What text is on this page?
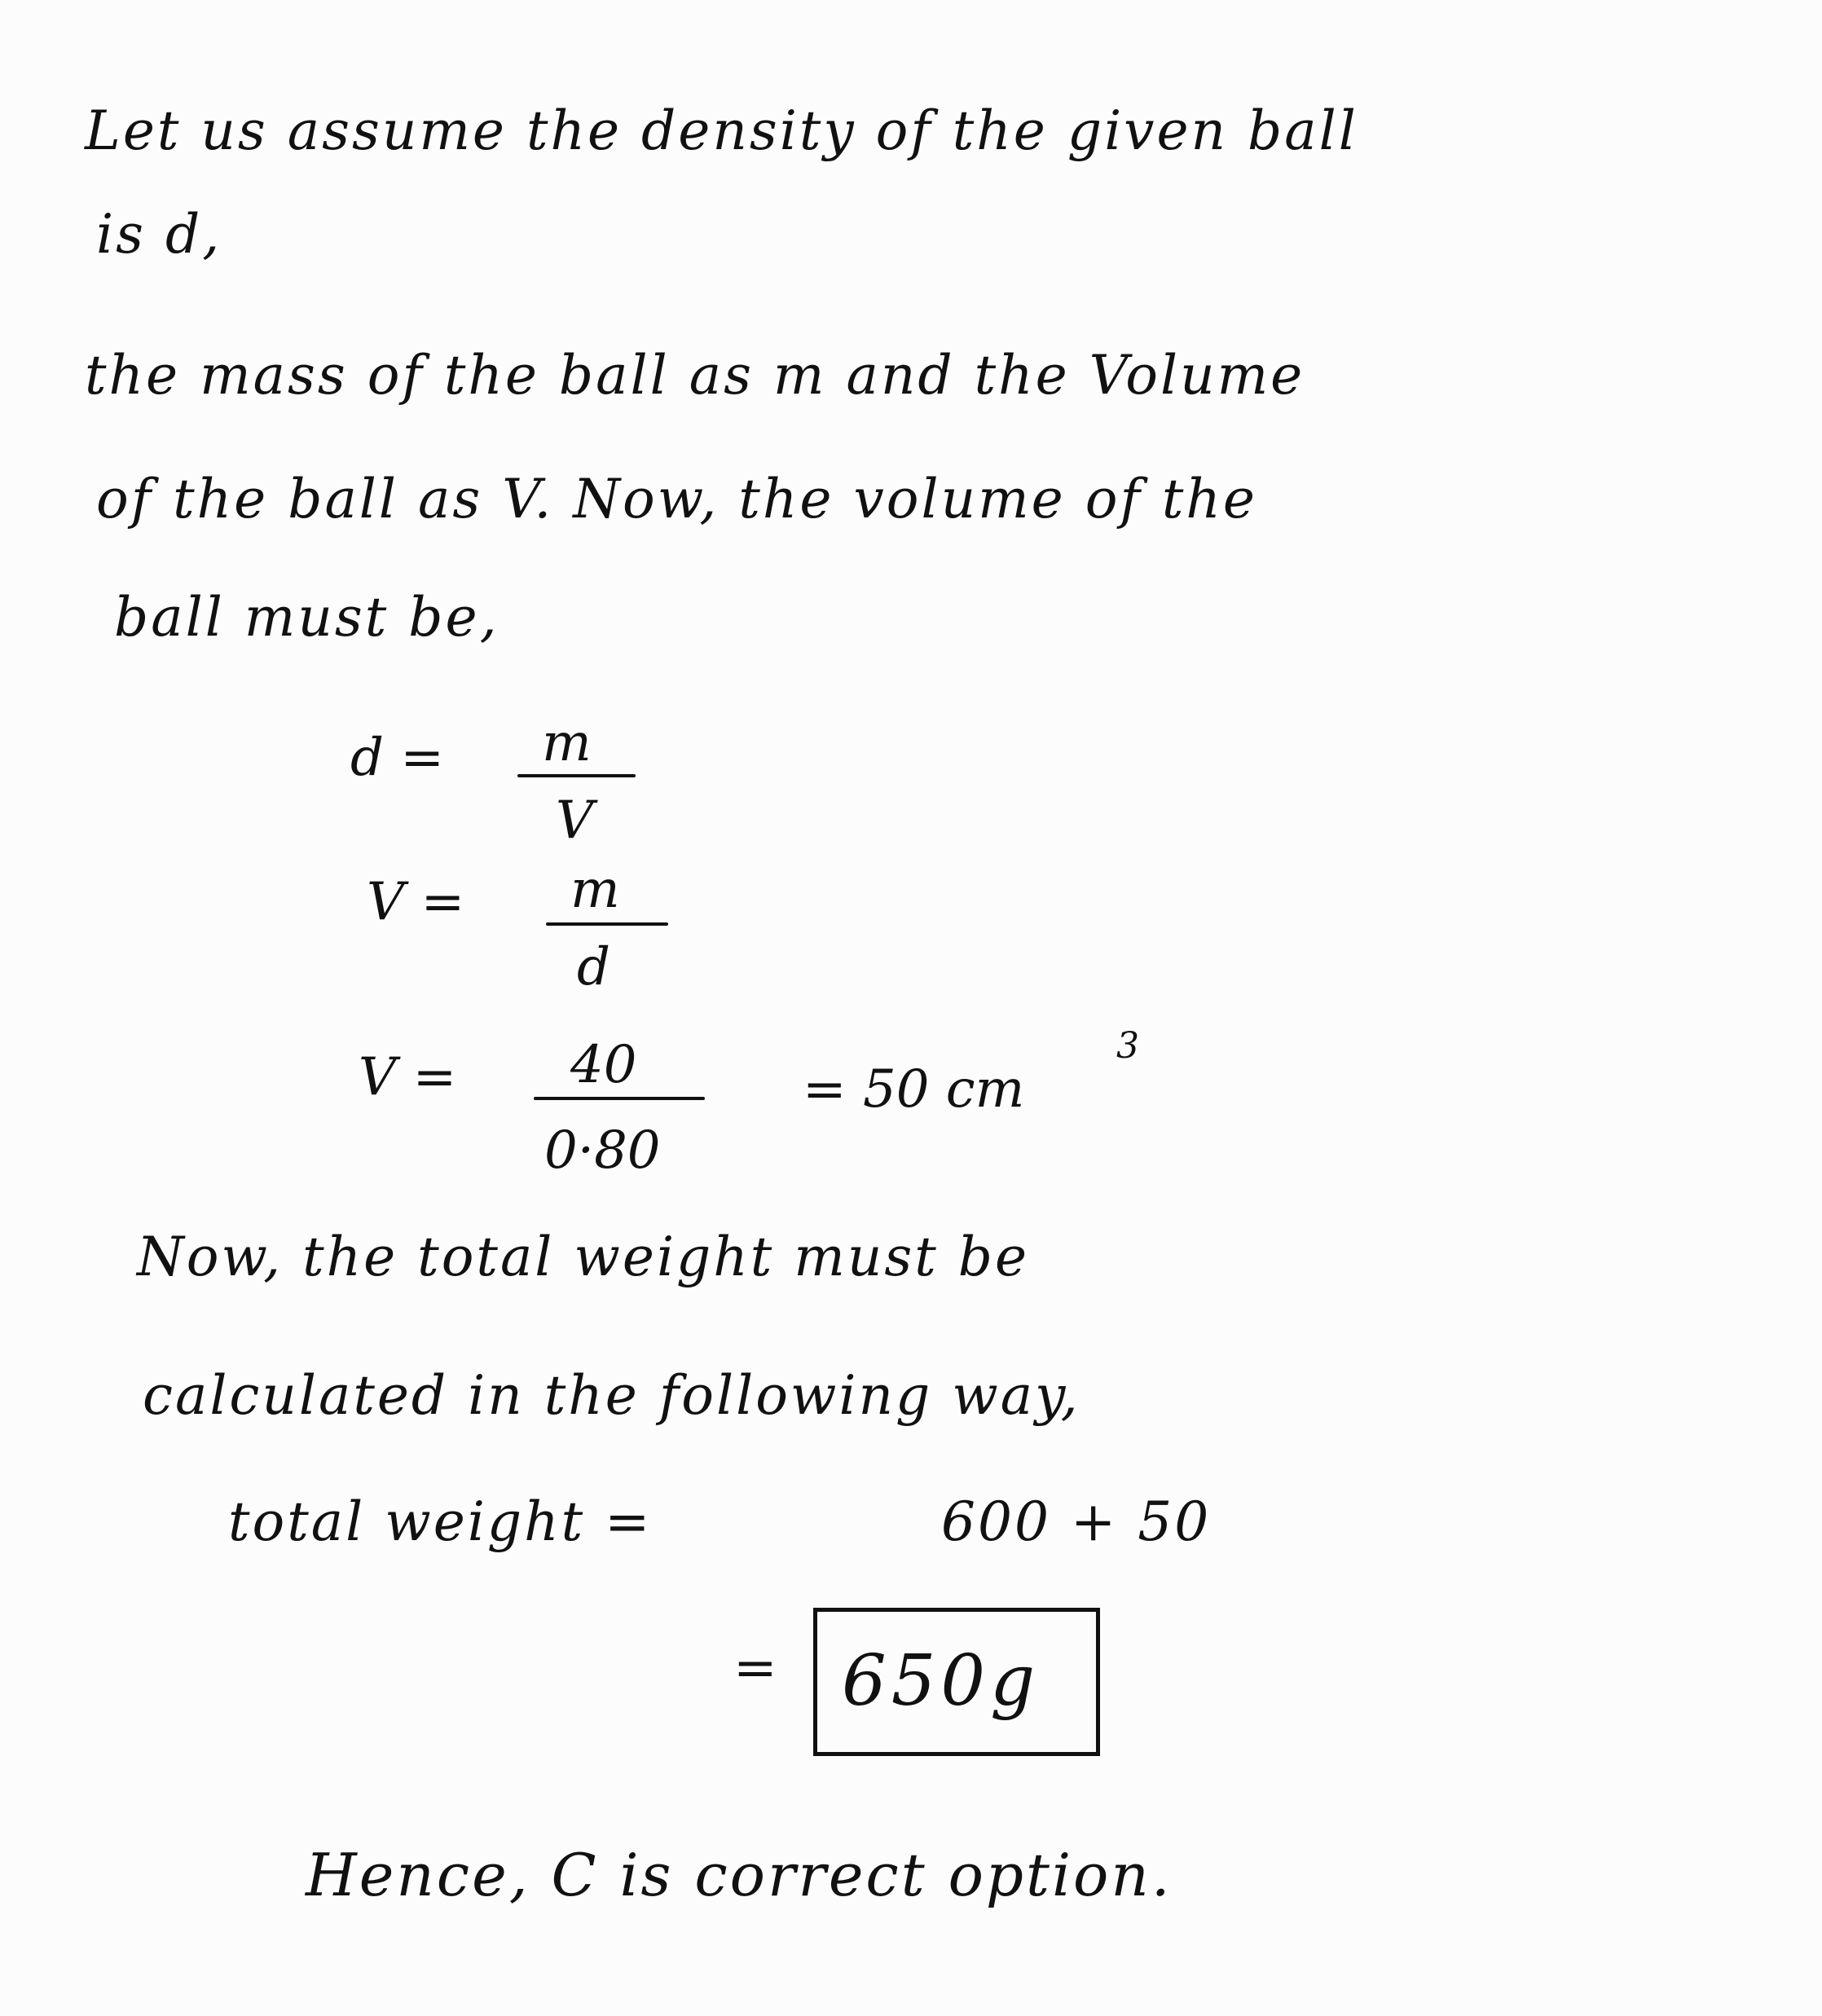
Let us assume the density of the given ball
is d,
the mass of the ball as m and the Volume
of the ball as V. Now, the volume of the
ball must be,
d = m
V
V = m
d
V = 40
0·80
= 50 cm
3
Now, the total weight must be
calculated in the following way,
total weight =	600 + 50
= 650g
Hence, C is correct option.
